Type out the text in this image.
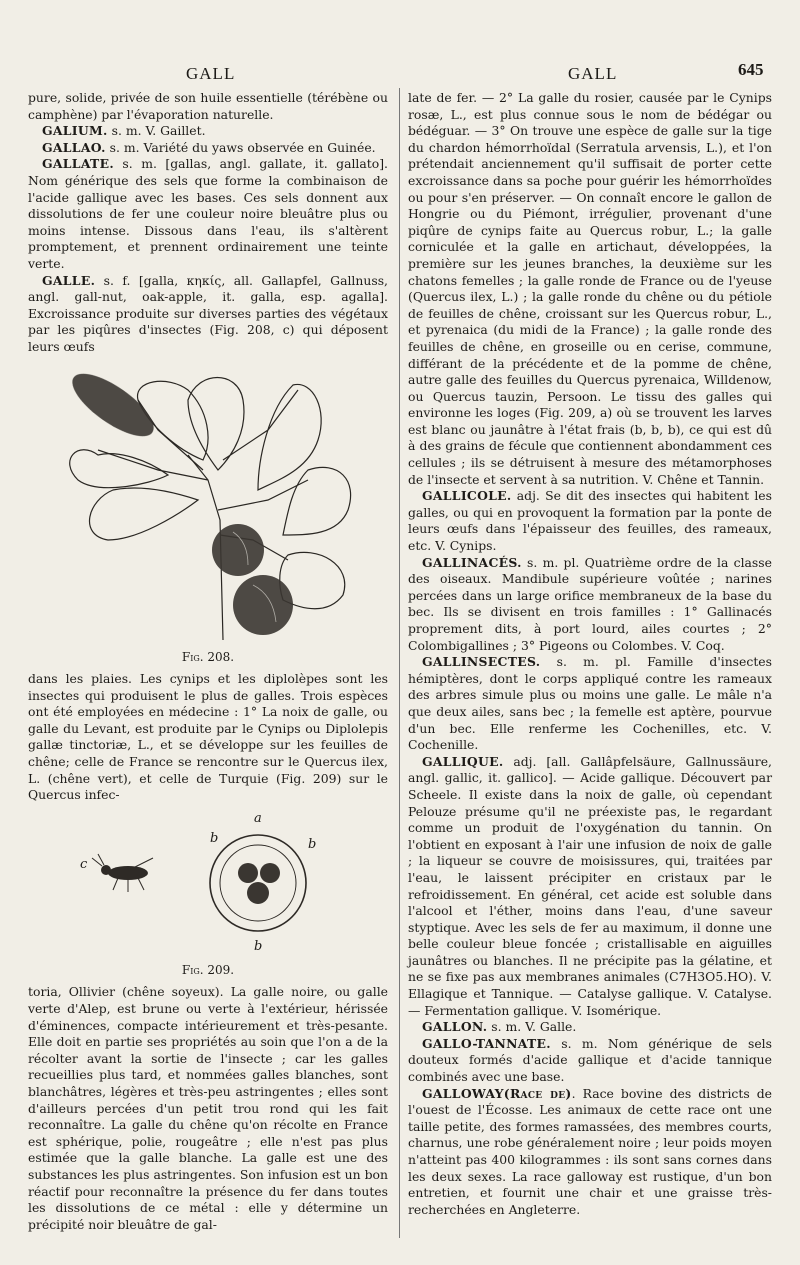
GALL	GALL	645

pure, solide, privée de son huile essentielle (térébène ou camphène) par l'évaporation naturelle.

GALIUM. s. m. V. Gaillet.

GALLAO. s. m. Variété du yaws observée en Guinée.

GALLATE. s. m. [gallas, angl. gallate, it. gallato]. Nom générique des sels que forme la combinaison de l'acide gallique avec les bases. Ces sels donnent aux dissolutions de fer une couleur noire bleuâtre plus ou moins intense. Dissous dans l'eau, ils s'altèrent promptement, et prennent ordinairement une teinte verte.

GALLE. s. f. [galla, κηκίς, all. Gallapfel, Gallnuss, angl. gall-nut, oak-apple, it. galla, esp. agalla]. Excroissance produite sur diverses parties des végétaux par les piqûres d'insectes (Fig. 208, c) qui déposent leurs œufs

Fig. 208.

dans les plaies. Les cynips et les diplolèpes sont les insectes qui produisent le plus de galles. Trois espèces ont été employées en médecine : 1° La noix de galle, ou galle du Levant, est produite par le Cynips ou Diplolepis gallæ tinctoriæ, L., et se développe sur les feuilles de chêne; celle de France se rencontre sur le Quercus ilex, L. (chêne vert), et celle de Turquie (Fig. 209) sur le Quercus infec-

a
b	b
b
c
Fig. 209.

toria, Ollivier (chêne soyeux). La galle noire, ou galle verte d'Alep, est brune ou verte à l'extérieur, hérissée d'éminences, compacte intérieurement et très-pesante. Elle doit en partie ses propriétés au soin que l'on a de la récolter avant la sortie de l'insecte ; car les galles recueillies plus tard, et nommées galles blanches, sont blanchâtres, légères et très-peu astringentes ; elles sont d'ailleurs percées d'un petit trou rond qui les fait reconnaître. La galle du chêne qu'on récolte en France est sphérique, polie, rougeâtre ; elle n'est pas plus estimée que la galle blanche. La galle est une des substances les plus astringentes. Son infusion est un bon réactif pour reconnaître la présence du fer dans toutes les dissolutions de ce métal : elle y détermine un précipité noir bleuâtre de gal-

late de fer. — 2° La galle du rosier, causée par le Cynips rosæ, L., est plus connue sous le nom de bédégar ou bédéguar. — 3° On trouve une espèce de galle sur la tige du chardon hémorrhoïdal (Serratula arvensis, L.), et l'on prétendait anciennement qu'il suffisait de porter cette excroissance dans sa poche pour guérir les hémorrhoïdes ou pour s'en préserver. — On connaît encore le gallon de Hongrie ou du Piémont, irrégulier, provenant d'une piqûre de cynips faite au Quercus robur, L.; la galle corniculée et la galle en artichaut, développées, la première sur les jeunes branches, la deuxième sur les chatons femelles ; la galle ronde de France ou de l'yeuse (Quercus ilex, L.) ; la galle ronde du chêne ou du pétiole de feuilles de chêne, croissant sur les Quercus robur, L., et pyrenaica (du midi de la France) ; la galle ronde des feuilles de chêne, en groseille ou en cerise, commune, différant de la précédente et de la pomme de chêne, autre galle des feuilles du Quercus pyrenaica, Willdenow, ou Quercus tauzin, Persoon. Le tissu des galles qui environne les loges (Fig. 209, a) où se trouvent les larves est blanc ou jaunâtre à l'état frais (b, b, b), ce qui est dû à des grains de fécule que contiennent abondamment ces cellules ; ils se détruisent à mesure des métamorphoses de l'insecte et servent à sa nutrition. V. Chêne et Tannin.

GALLICOLE. adj. Se dit des insectes qui habitent les galles, ou qui en provoquent la formation par la ponte de leurs œufs dans l'épaisseur des feuilles, des rameaux, etc. V. Cynips.

GALLINACÉS. s. m. pl. Quatrième ordre de la classe des oiseaux. Mandibule supérieure voûtée ; narines percées dans un large orifice membraneux de la base du bec. Ils se divisent en trois familles : 1° Gallinacés proprement dits, à port lourd, ailes courtes ; 2° Colombigallines ; 3° Pigeons ou Colombes. V. Coq.

GALLINSECTES. s. m. pl. Famille d'insectes hémiptères, dont le corps appliqué contre les rameaux des arbres simule plus ou moins une galle. Le mâle n'a que deux ailes, sans bec ; la femelle est aptère, pourvue d'un bec. Elle renferme les Cochenilles, etc. V. Cochenille.

GALLIQUE. adj. [all. Gallâpfelsäure, Gallnussäure, angl. gallic, it. gallico]. — Acide gallique. Découvert par Scheele. Il existe dans la noix de galle, où cependant Pelouze présume qu'il ne préexiste pas, le regardant comme un produit de l'oxygénation du tannin. On l'obtient en exposant à l'air une infusion de noix de galle ; la liqueur se couvre de moisissures, qui, traitées par l'eau, le laissent précipiter en cristaux par le refroidissement. En général, cet acide est soluble dans l'alcool et l'éther, moins dans l'eau, d'une saveur styptique. Avec les sels de fer au maximum, il donne une belle couleur bleue foncée ; cristallisable en aiguilles jaunâtres ou blanches. Il ne précipite pas la gélatine, et ne se fixe pas aux membranes animales (C7H3O5.HO). V. Ellagique et Tannique. — Catalyse gallique. V. Catalyse. — Fermentation gallique. V. Isomérique.

GALLON. s. m. V. Galle.

GALLO-TANNATE. s. m. Nom générique de sels douteux formés d'acide gallique et d'acide tannique combinés avec une base.

GALLOWAY(Race de). Race bovine des districts de l'ouest de l'Écosse. Les animaux de cette race ont une taille petite, des formes ramassées, des membres courts, charnus, une robe généralement noire ; leur poids moyen n'atteint pas 400 kilogrammes : ils sont sans cornes dans les deux sexes. La race galloway est rustique, d'un bon entretien, et fournit une chair et une graisse très-recherchées en Angleterre.
